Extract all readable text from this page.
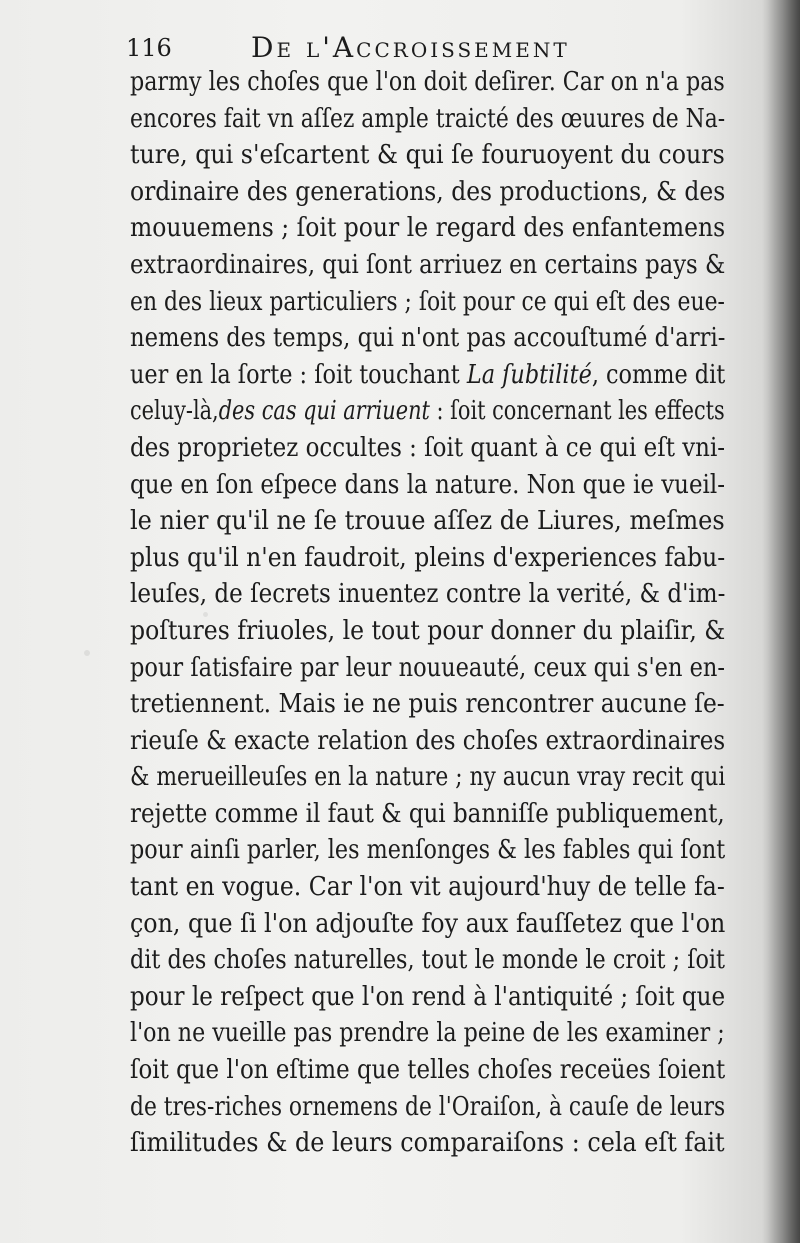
116	De l'Accroissement
parmy les choſes que l'on doit deſirer. Car on n'a pas
encores fait vn aſſez ample traicté des œuures de Na-
ture, qui s'eſcartent & qui ſe fouruoyent du cours
ordinaire des generations, des productions, & des
mouuemens ; ſoit pour le regard des enfantemens
extraordinaires, qui ſont arriuez en certains pays &
en des lieux particuliers ; ſoit pour ce qui eſt des eue-
nemens des temps, qui n'ont pas accouſtumé d'arri-
uer en la ſorte : ſoit touchant La ſubtilité, comme dit
celuy-là,des cas qui arriuent : ſoit concernant les effects
des proprietez occultes : ſoit quant à ce qui eſt vni-
que en ſon eſpece dans la nature. Non que ie vueil-
le nier qu'il ne ſe trouue aſſez de Liures, meſmes
plus qu'il n'en faudroit, pleins d'experiences fabu-
leuſes, de ſecrets inuentez contre la verité, & d'im-
poſtures friuoles, le tout pour donner du plaiſir, &
pour ſatisfaire par leur nouueauté, ceux qui s'en en-
tretiennent. Mais ie ne puis rencontrer aucune ſe-
rieuſe & exacte relation des choſes extraordinaires
& merueilleuſes en la nature ; ny aucun vray recit qui
rejette comme il faut & qui banniſſe publiquement,
pour ainſi parler, les menſonges & les fables qui ſont
tant en vogue. Car l'on vit aujourd'huy de telle fa-
çon, que ſi l'on adjouſte foy aux fauſſetez que l'on
dit des choſes naturelles, tout le monde le croit ; ſoit
pour le reſpect que l'on rend à l'antiquité ; ſoit que
l'on ne vueille pas prendre la peine de les examiner ;
ſoit que l'on eſtime que telles choſes receües ſoient
de tres-riches ornemens de l'Oraiſon, à cauſe de leurs
ſimilitudes & de leurs comparaiſons : cela eſt fait
